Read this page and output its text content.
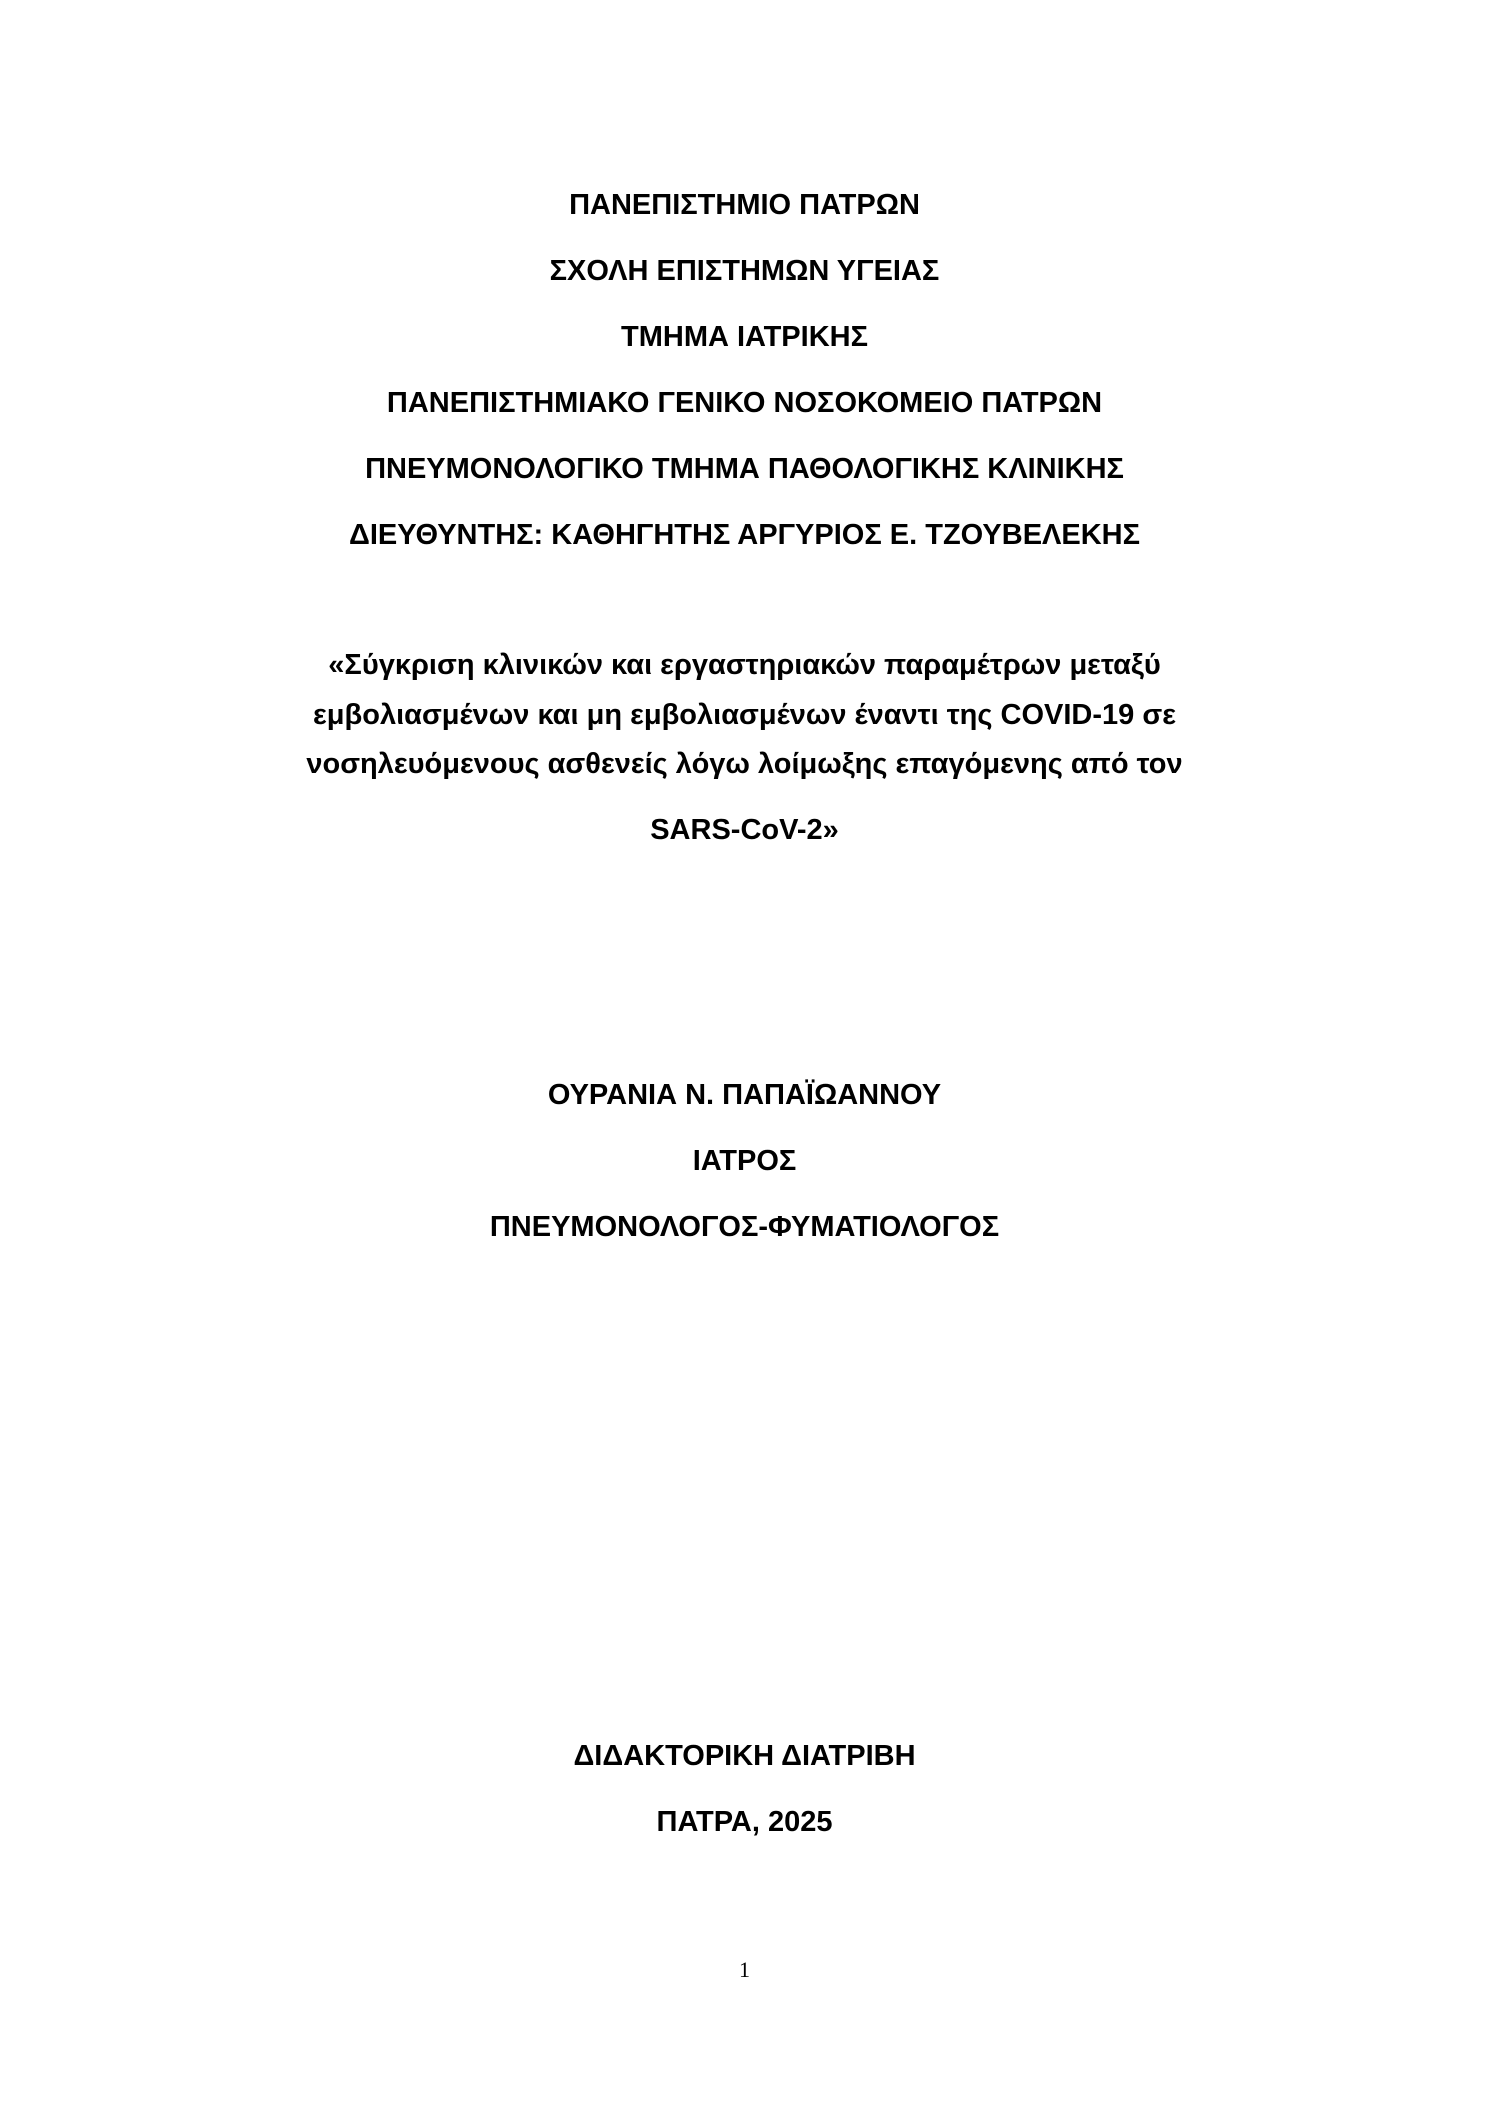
ΠΑΝΕΠΙΣΤΗΜΙΟ ΠΑΤΡΩΝ
ΣΧΟΛΗ ΕΠΙΣΤΗΜΩΝ ΥΓΕΙΑΣ
ΤΜΗΜΑ ΙΑΤΡΙΚΗΣ
ΠΑΝΕΠΙΣΤΗΜΙΑΚΟ ΓΕΝΙΚΟ ΝΟΣΟΚΟΜΕΙΟ ΠΑΤΡΩΝ
ΠΝΕΥΜΟΝΟΛΟΓΙΚΟ ΤΜΗΜΑ ΠΑΘΟΛΟΓΙΚΗΣ ΚΛΙΝΙΚΗΣ
ΔΙΕΥΘΥΝΤΗΣ: ΚΑΘΗΓΗΤΗΣ ΑΡΓΥΡΙΟΣ Ε. ΤΖΟΥΒΕΛΕΚΗΣ
«Σύγκριση κλινικών και εργαστηριακών παραμέτρων μεταξύ
εμβολιασμένων και μη εμβολιασμένων έναντι της COVID-19 σε
νοσηλευόμενους ασθενείς λόγω λοίμωξης επαγόμενης από τον
SARS-CoV-2»
ΟΥΡΑΝΙΑ Ν. ΠΑΠΑΪΩΑΝΝΟΥ
ΙΑΤΡΟΣ
ΠΝΕΥΜΟΝΟΛΟΓΟΣ-ΦΥΜΑΤΙΟΛΟΓΟΣ
ΔΙΔΑΚΤΟΡΙΚΗ ΔΙΑΤΡΙΒΗ
ΠΑΤΡΑ, 2025
1
